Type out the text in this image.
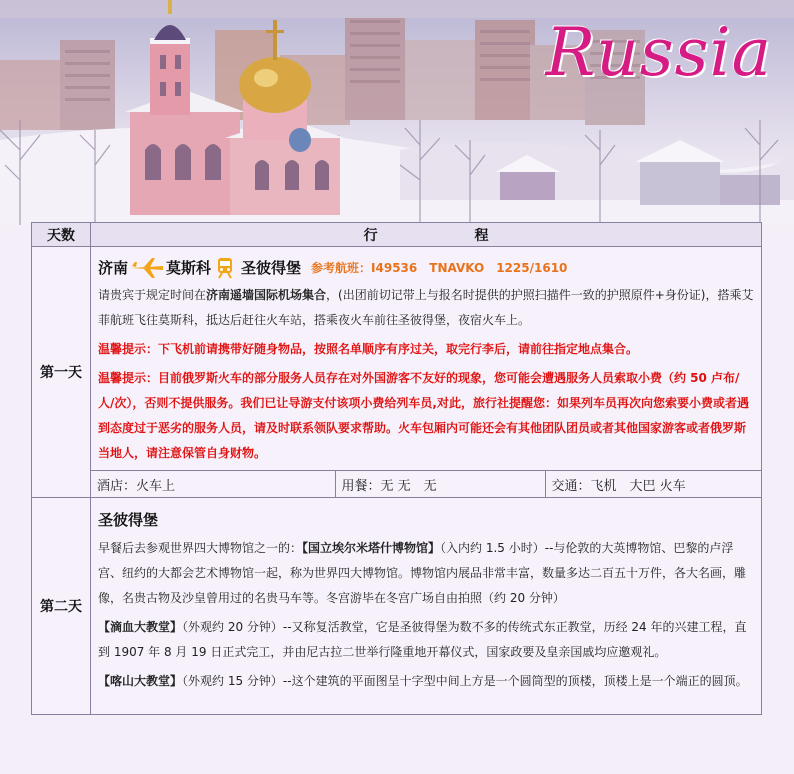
Russia
天数	行	程
第一天	
济南	莫斯科 圣彼得堡 参考航班：I49536　TNAVKO　1225/1610
请贵宾于规定时间在济南遥墙国际机场集合，(出团前切记带上与报名时提供的护照扫描件一致的护照原件+身份证)，搭乘艾菲航班飞往莫斯科，抵达后赶往火车站，搭乘夜火车前往圣彼得堡，夜宿火车上。
温馨提示：下飞机前请携带好随身物品，按照名单顺序有序过关，取完行李后，请前往指定地点集合。
温馨提示：目前俄罗斯火车的部分服务人员存在对外国游客不友好的现象，您可能会遭遇服务人员索取小费（约 50 卢布/人/次），否则不提供服务。我们已让导游支付该项小费给列车员,对此，旅行社提醒您：如果列车员再次向您索要小费或者遇到态度过于恶劣的服务人员，请及时联系领队要求帮助。火车包厢内可能还会有其他团队团员或者其他国家游客或者俄罗斯当地人，请注意保管自身财物。

酒店：火车上	用餐：无 无　无	交通：飞机　大巴 火车

第二天	
圣彼得堡
早餐后去参观世界四大博物馆之一的：【国立埃尔米塔什博物馆】（入内约 1.5 小时）--与伦敦的大英博物馆、巴黎的卢浮宫、纽约的大都会艺术博物馆一起，称为世界四大博物馆。博物馆内展品非常丰富，数量多达二百五十万件，各大名画，雕像，名贵古物及沙皇曾用过的名贵马车等。冬宫游毕在冬宫广场自由拍照（约 20 分钟）
【滴血大教堂】（外观约 20 分钟）--又称复活教堂，它是圣彼得堡为数不多的传统式东正教堂，历经 24 年的兴建工程，直到 1907 年 8 月 19 日正式完工，并由尼古拉二世举行隆重地开幕仪式，国家政要及皇亲国戚均应邀观礼。
【喀山大教堂】（外观约 15 分钟）--这个建筑的平面图呈十字型中间上方是一个圆筒型的顶楼，顶楼上是一个端正的圆顶。
